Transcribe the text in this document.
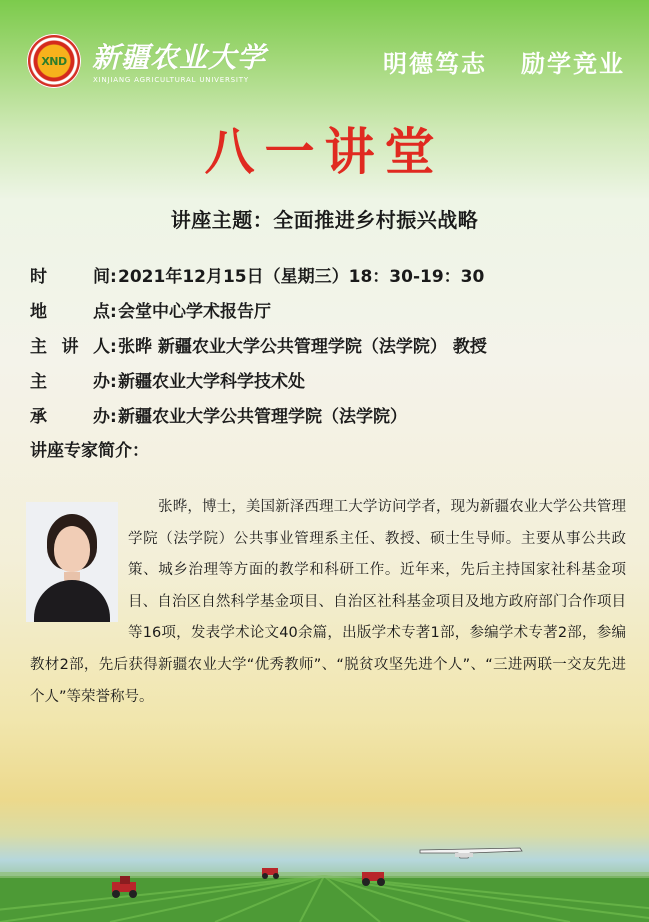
XND 新疆农业大学
XINJIANG AGRICULTURAL UNIVERSITY
明德笃志 励学竞业
八一讲堂
讲座主题：全面推进乡村振兴战略
时	间 : 2021年12月15日（星期三）18：30-19：30
地	点 : 会堂中心学术报告厅
主 讲 人 : 张晔 新疆农业大学公共管理学院（法学院） 教授
主	办 : 新疆农业大学科学技术处
承	办 : 新疆农业大学公共管理学院（法学院）
讲座专家简介：
张晔，博士，美国新泽西理工大学访问学者，现为新疆农业大学公共管理学院（法学院）公共事业管理系主任、教授、硕士生导师。主要从事公共政策、城乡治理等方面的教学和科研工作。近年来，先后主持国家社科基金项目、自治区自然科学基金项目、自治区社科基金项目及地方政府部门合作项目等16项，发表学术论文40余篇，出版学术专著1部，参编学术专著2部，参编教材2部，先后获得新疆农业大学“优秀教师”、“脱贫攻坚先进个人”、“三进两联一交友先进个人”等荣誉称号。
